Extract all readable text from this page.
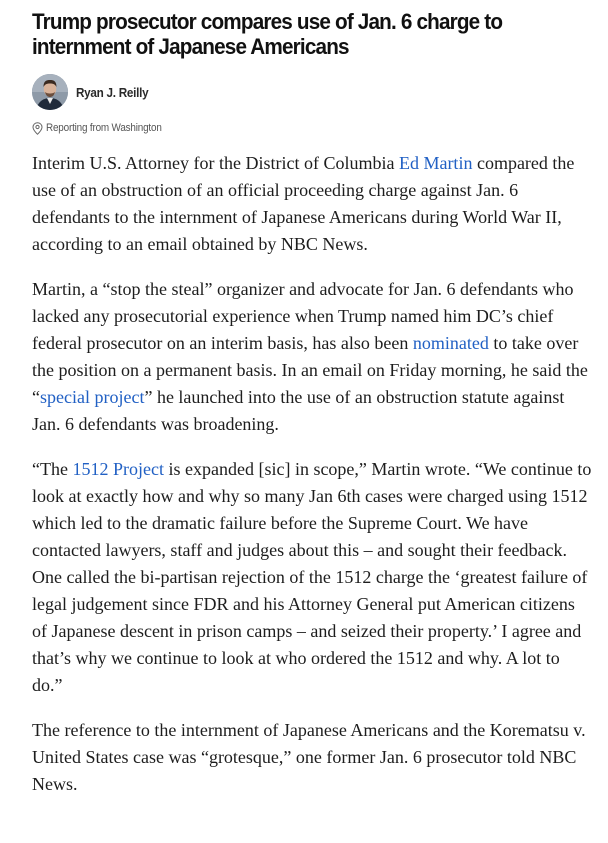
Trump prosecutor compares use of Jan. 6 charge to internment of Japanese Americans
Ryan J. Reilly
Reporting from Washington

Interim U.S. Attorney for the District of Columbia Ed Martin compared the use of an obstruction of an official proceeding charge against Jan. 6 defendants to the internment of Japanese Americans during World War II, according to an email obtained by NBC News.

Martin, a “stop the steal” organizer and advocate for Jan. 6 defendants who lacked any prosecutorial experience when Trump named him DC’s chief federal prosecutor on an interim basis, has also been nominated to take over the position on a permanent basis. In an email on Friday morning, he said the “special project” he launched into the use of an obstruction statute against Jan. 6 defendants was broadening.

“The 1512 Project is expanded [sic] in scope,” Martin wrote. “We continue to look at exactly how and why so many Jan 6th cases were charged using 1512 which led to the dramatic failure before the Supreme Court. We have contacted lawyers, staff and judges about this – and sought their feedback. One called the bi-partisan rejection of the 1512 charge the ‘greatest failure of legal judgement since FDR and his Attorney General put American citizens of Japanese descent in prison camps – and seized their property.’ I agree and that’s why we continue to look at who ordered the 1512 and why. A lot to do.”

The reference to the internment of Japanese Americans and the Korematsu v. United States case was “grotesque,” one former Jan. 6 prosecutor told NBC News.
